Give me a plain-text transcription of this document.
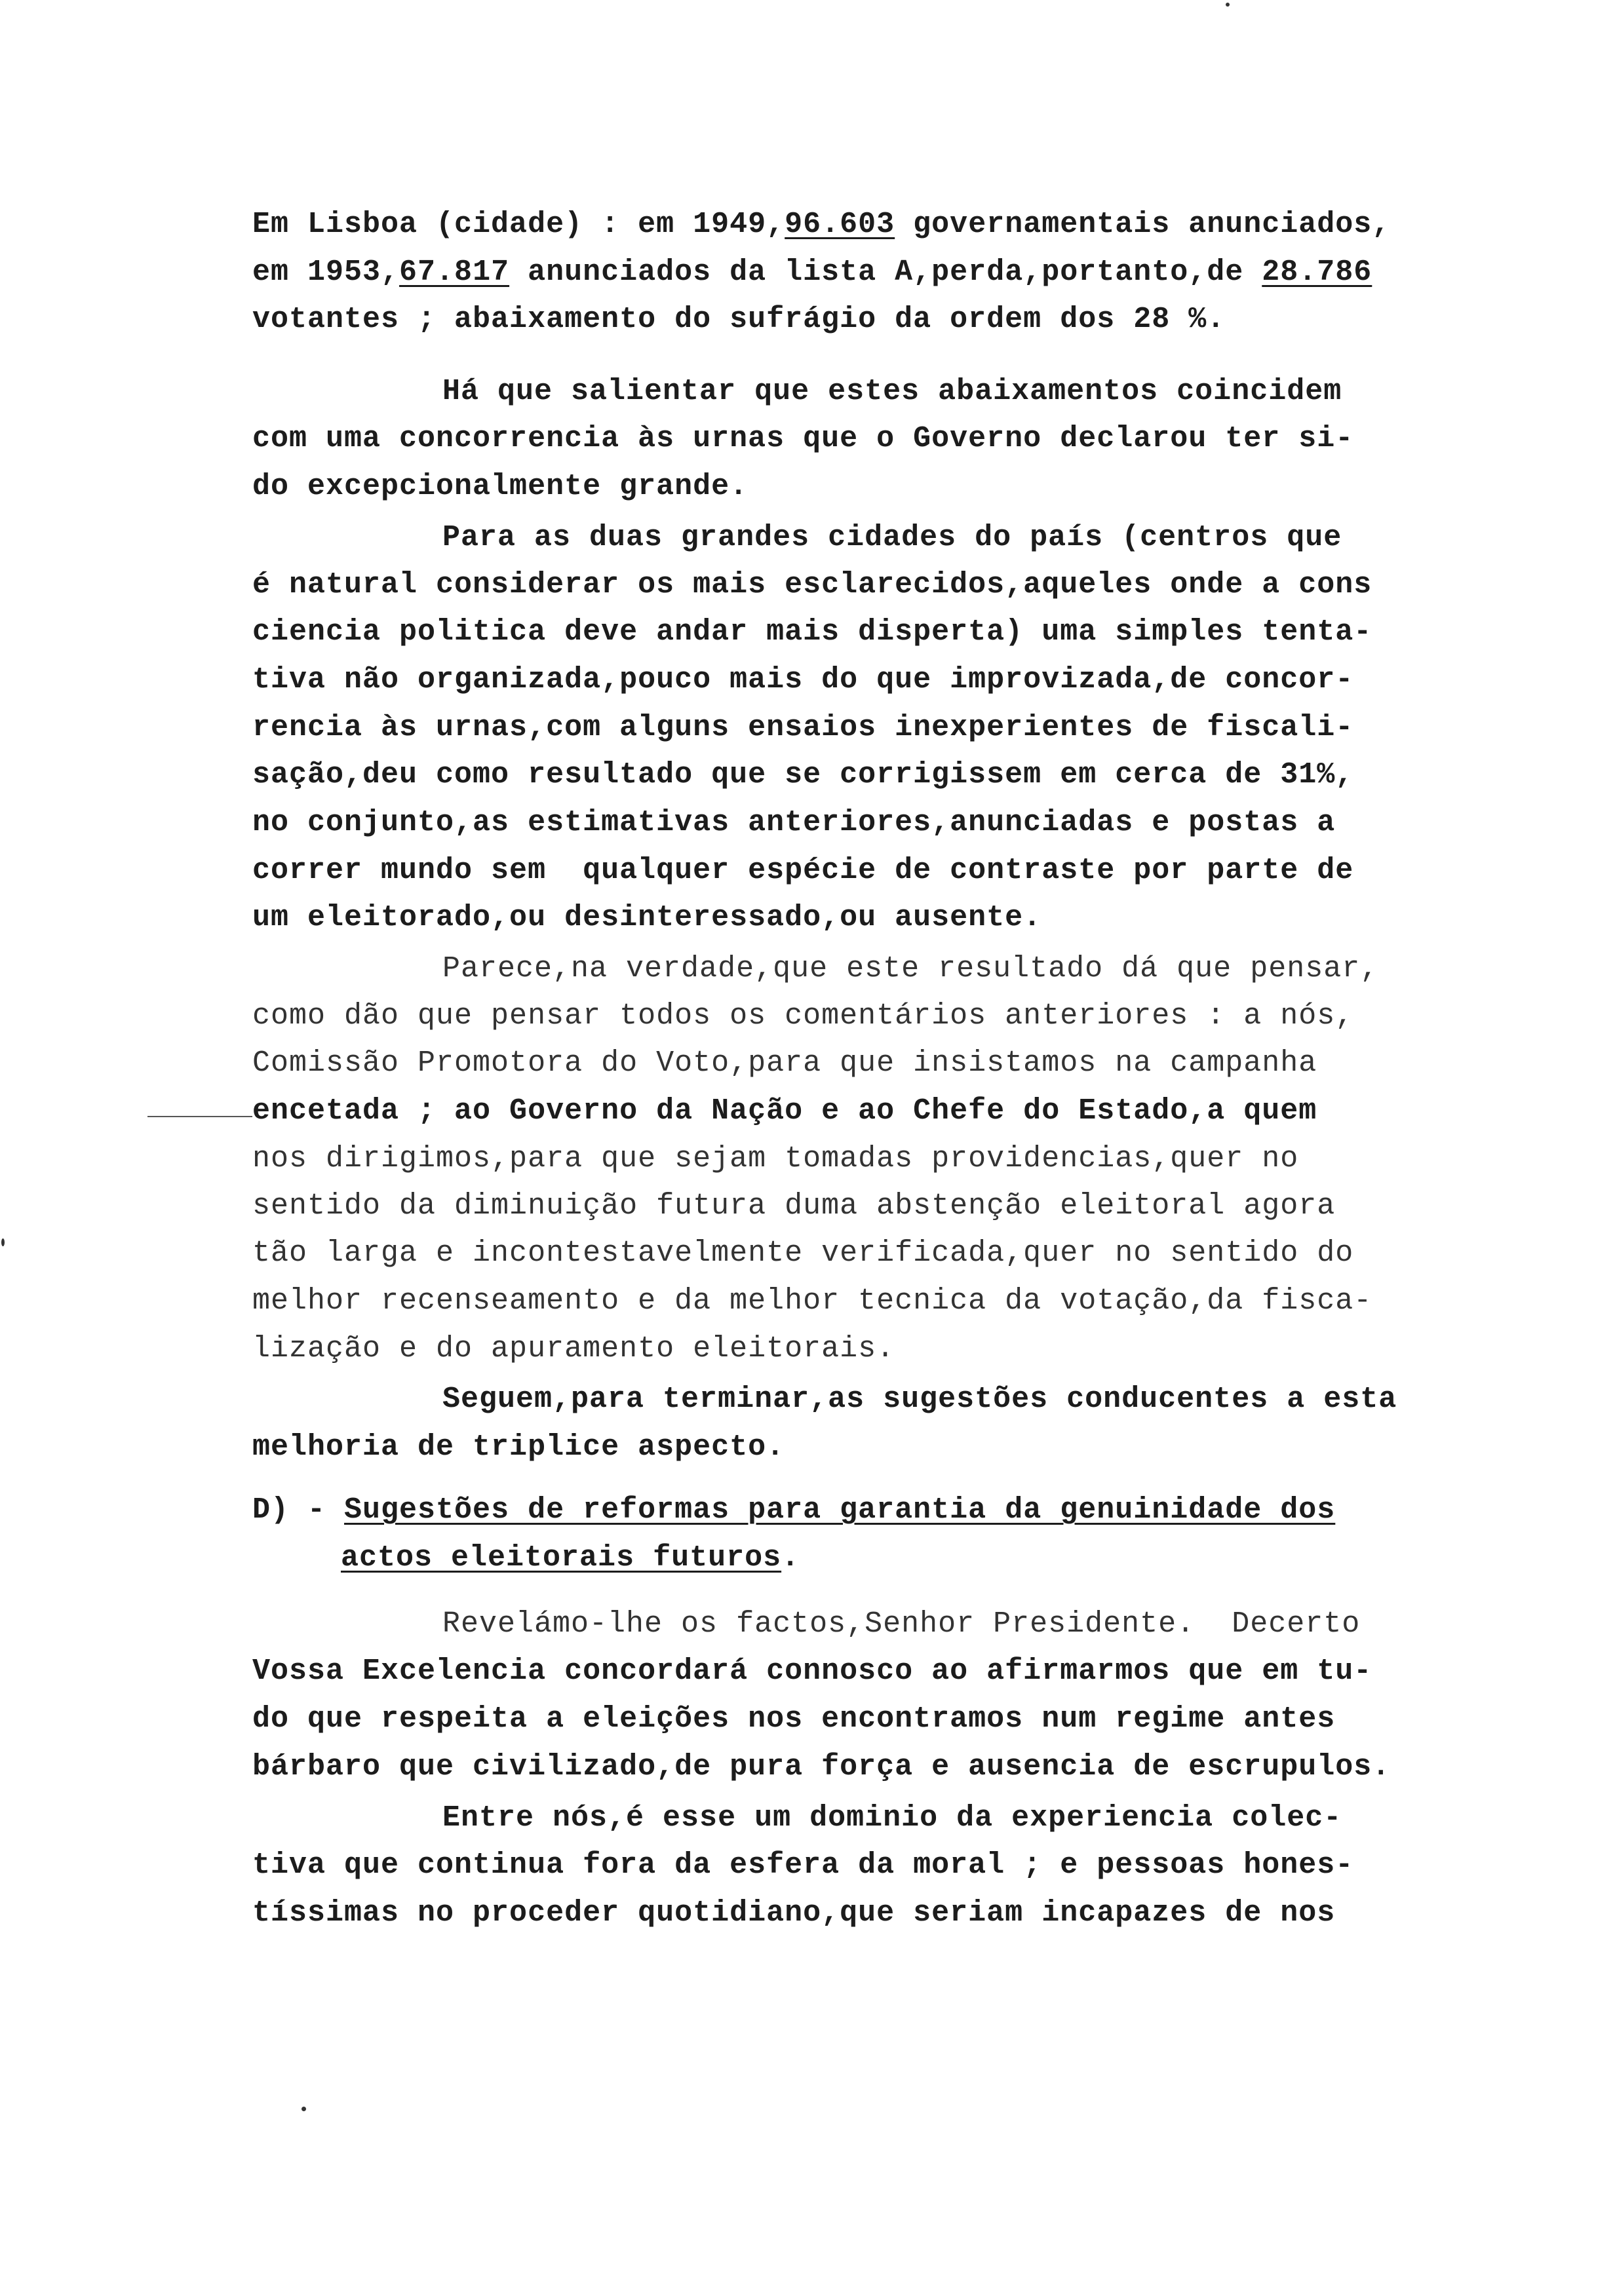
Em Lisboa (cidade) : em 1949,96.603 governamentais anunciados,
em 1953,67.817 anunciados da lista A,perda,portanto,de 28.786
votantes ; abaixamento do sufrágio da ordem dos 28 %.
Há que salientar que estes abaixamentos coincidem
com uma concorrencia às urnas que o Governo declarou ter si-
do excepcionalmente grande.
Para as duas grandes cidades do país (centros que
é natural considerar os mais esclarecidos,aqueles onde a cons
ciencia politica deve andar mais disperta) uma simples tenta-
tiva não organizada,pouco mais do que improvizada,de concor-
rencia às urnas,com alguns ensaios inexperientes de fiscali-
sação,deu como resultado que se corrigissem em cerca de 31%,
no conjunto,as estimativas anteriores,anunciadas e postas a
correr mundo sem  qualquer espécie de contraste por parte de
um eleitorado,ou desinteressado,ou ausente.
Parece,na verdade,que este resultado dá que pensar,
como dão que pensar todos os comentários anteriores : a nós,
Comissão Promotora do Voto,para que insistamos na campanha
encetada ; ao Governo da Nação e ao Chefe do Estado,a quem
nos dirigimos,para que sejam tomadas providencias,quer no
sentido da diminuição futura duma abstenção eleitoral agora
tão larga e incontestavelmente verificada,quer no sentido do
melhor recenseamento e da melhor tecnica da votação,da fisca-
lização e do apuramento eleitorais.
Seguem,para terminar,as sugestões conducentes a esta
melhoria de triplice aspecto.
D) - Sugestões de reformas para garantia da genuinidade dos
actos eleitorais futuros.
Revelámo-lhe os factos,Senhor Presidente.  Decerto
Vossa Excelencia concordará connosco ao afirmarmos que em tu-
do que respeita a eleições nos encontramos num regime antes
bárbaro que civilizado,de pura força e ausencia de escrupulos.
Entre nós,é esse um dominio da experiencia colec-
tiva que continua fora da esfera da moral ; e pessoas hones-
tíssimas no proceder quotidiano,que seriam incapazes de nos
